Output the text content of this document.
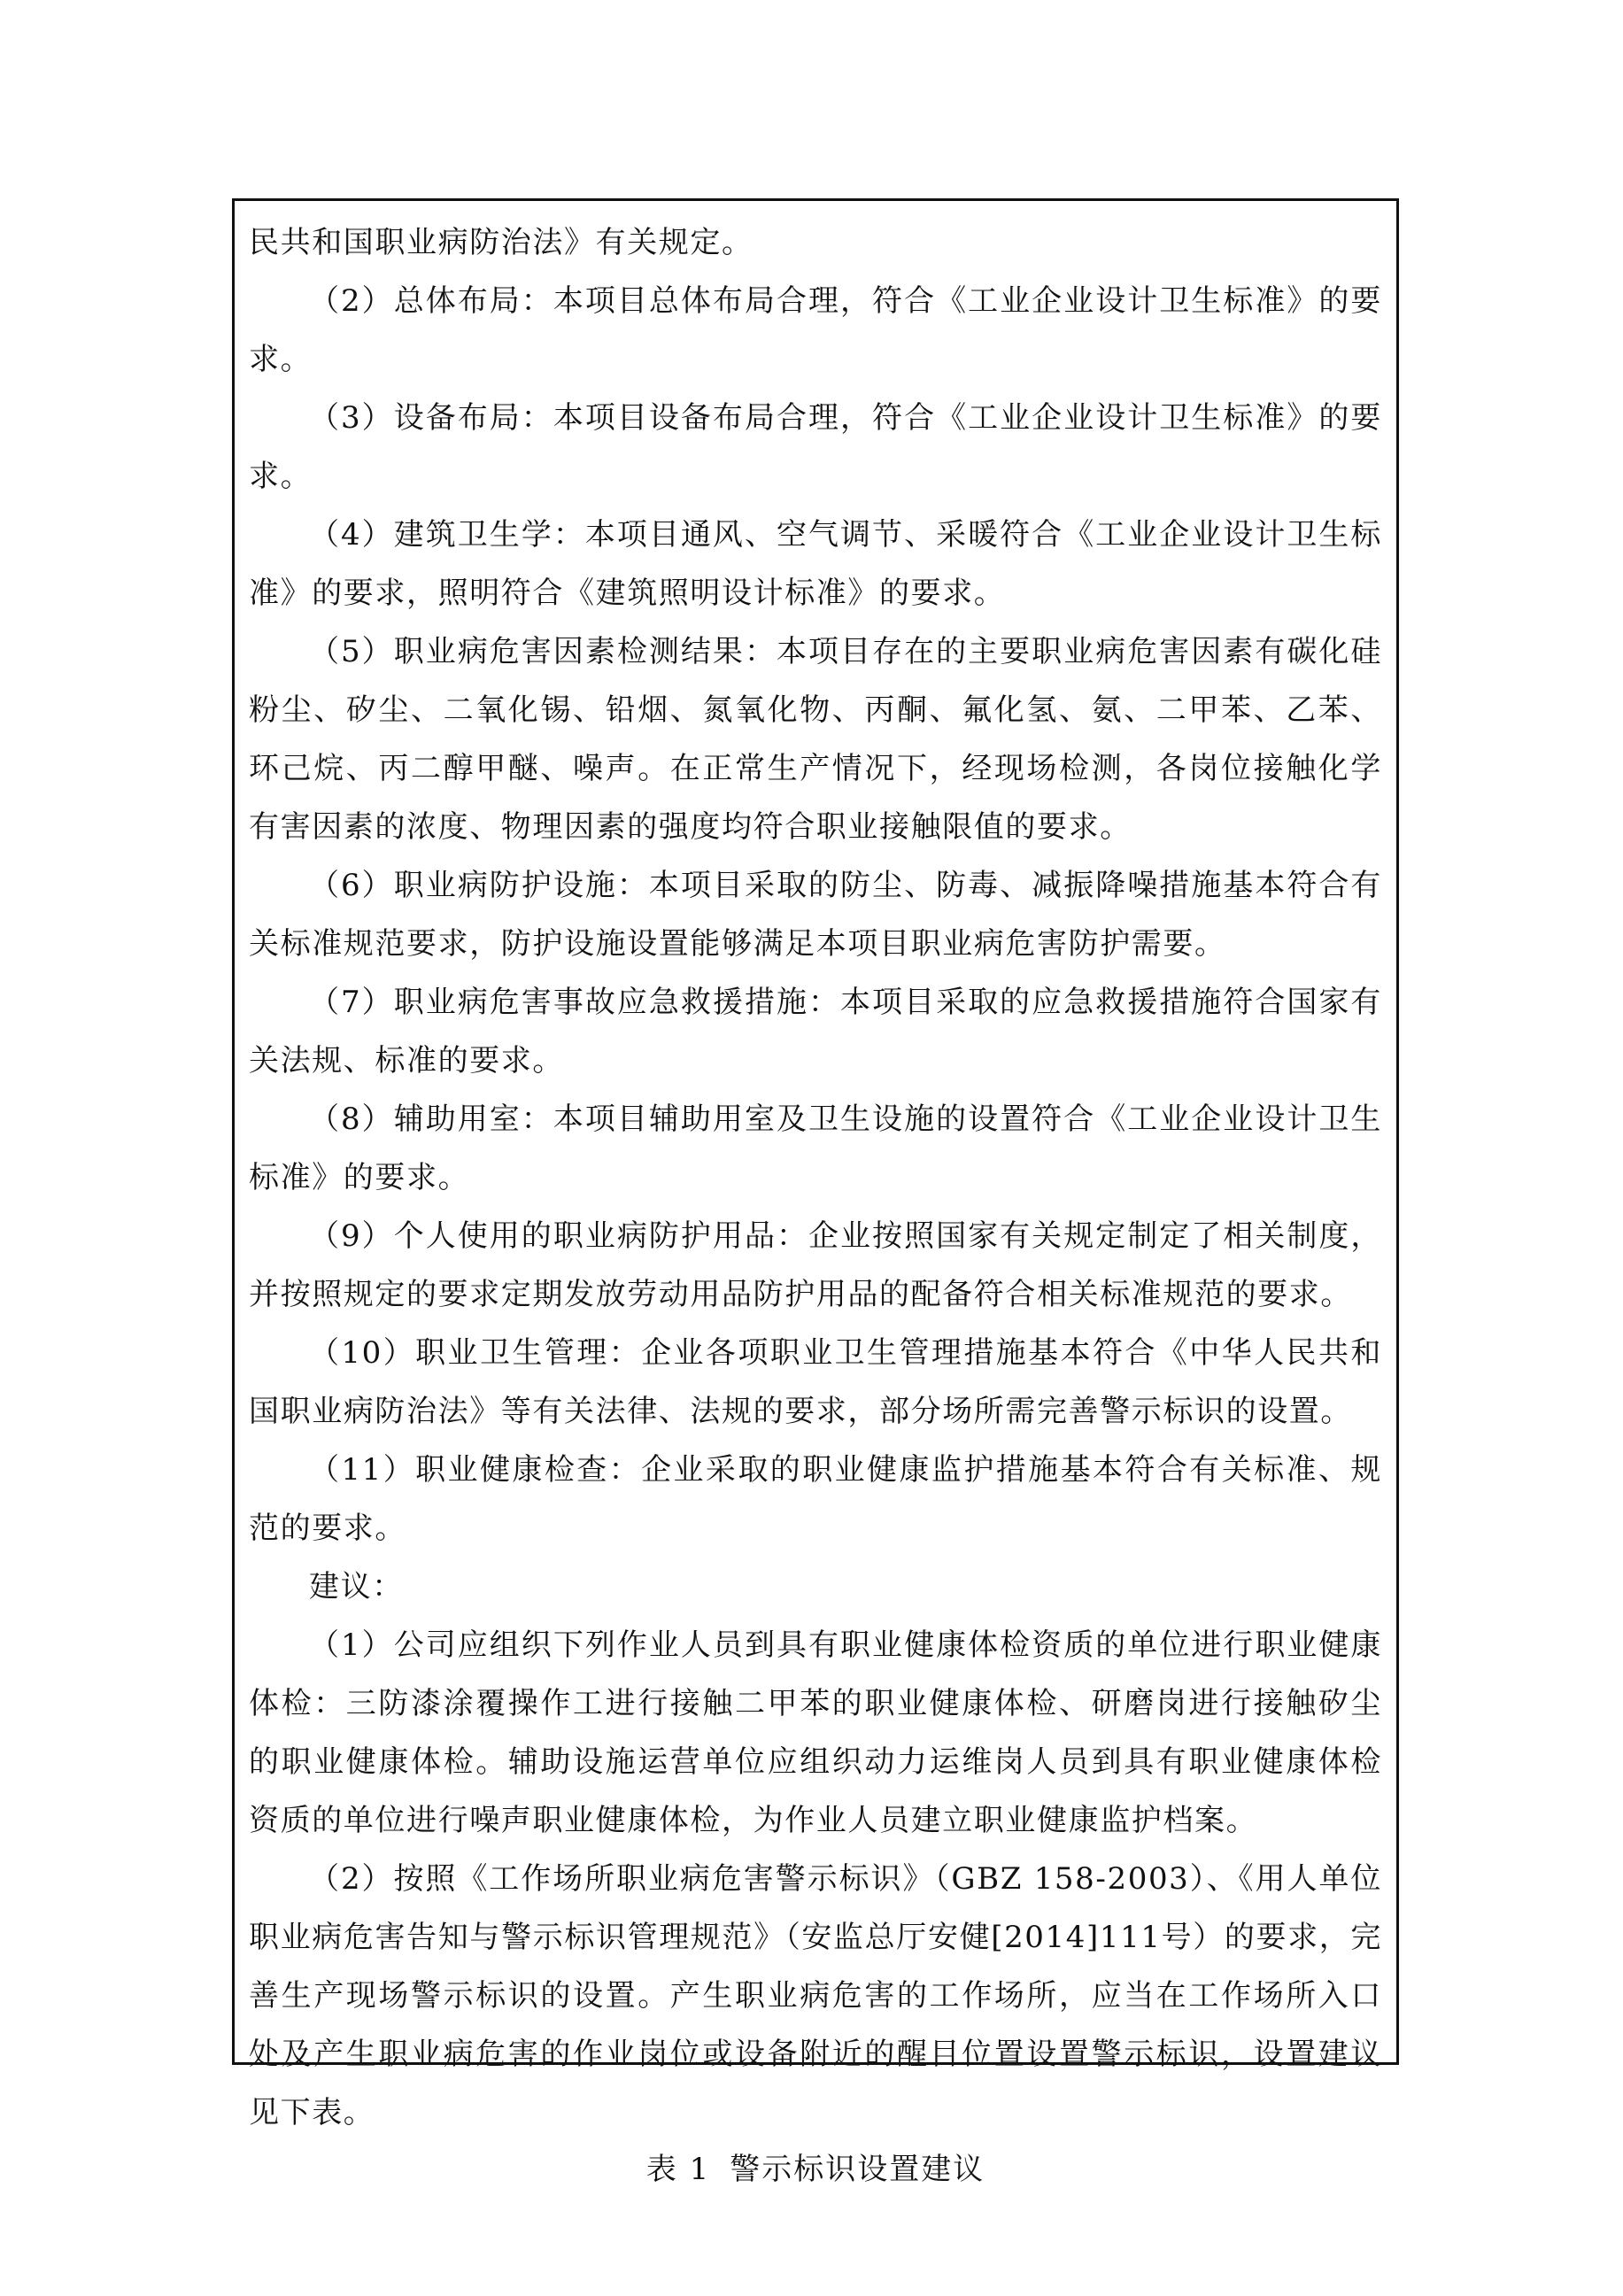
民共和国职业病防治法》有关规定。

（2）总体布局：本项目总体布局合理，符合《工业企业设计卫生标准》的要求。

（3）设备布局：本项目设备布局合理，符合《工业企业设计卫生标准》的要求。

（4）建筑卫生学：本项目通风、空气调节、采暖符合《工业企业设计卫生标准》的要求，照明符合《建筑照明设计标准》的要求。

（5）职业病危害因素检测结果：本项目存在的主要职业病危害因素有碳化硅粉尘、矽尘、二氧化锡、铅烟、氮氧化物、丙酮、氟化氢、氨、二甲苯、乙苯、环己烷、丙二醇甲醚、噪声。在正常生产情况下，经现场检测，各岗位接触化学有害因素的浓度、物理因素的强度均符合职业接触限值的要求。

（6）职业病防护设施：本项目采取的防尘、防毒、减振降噪措施基本符合有关标准规范要求，防护设施设置能够满足本项目职业病危害防护需要。

（7）职业病危害事故应急救援措施：本项目采取的应急救援措施符合国家有关法规、标准的要求。

（8）辅助用室：本项目辅助用室及卫生设施的设置符合《工业企业设计卫生标准》的要求。

（9）个人使用的职业病防护用品：企业按照国家有关规定制定了相关制度，并按照规定的要求定期发放劳动用品防护用品的配备符合相关标准规范的要求。

（10）职业卫生管理：企业各项职业卫生管理措施基本符合《中华人民共和国职业病防治法》等有关法律、法规的要求，部分场所需完善警示标识的设置。

（11）职业健康检查：企业采取的职业健康监护措施基本符合有关标准、规范的要求。

建议：

（1）公司应组织下列作业人员到具有职业健康体检资质的单位进行职业健康体检：三防漆涂覆操作工进行接触二甲苯的职业健康体检、研磨岗进行接触矽尘的职业健康体检。辅助设施运营单位应组织动力运维岗人员到具有职业健康体检资质的单位进行噪声职业健康体检，为作业人员建立职业健康监护档案。

（2）按照《工作场所职业病危害警示标识》（GBZ 158-2003）、《用人单位职业病危害告知与警示标识管理规范》（安监总厅安健[2014]111号）的要求，完善生产现场警示标识的设置。产生职业病危害的工作场所，应当在工作场所入口处及产生职业病危害的作业岗位或设备附近的醒目位置设置警示标识，设置建议见下表。

表 1 警示标识设置建议
